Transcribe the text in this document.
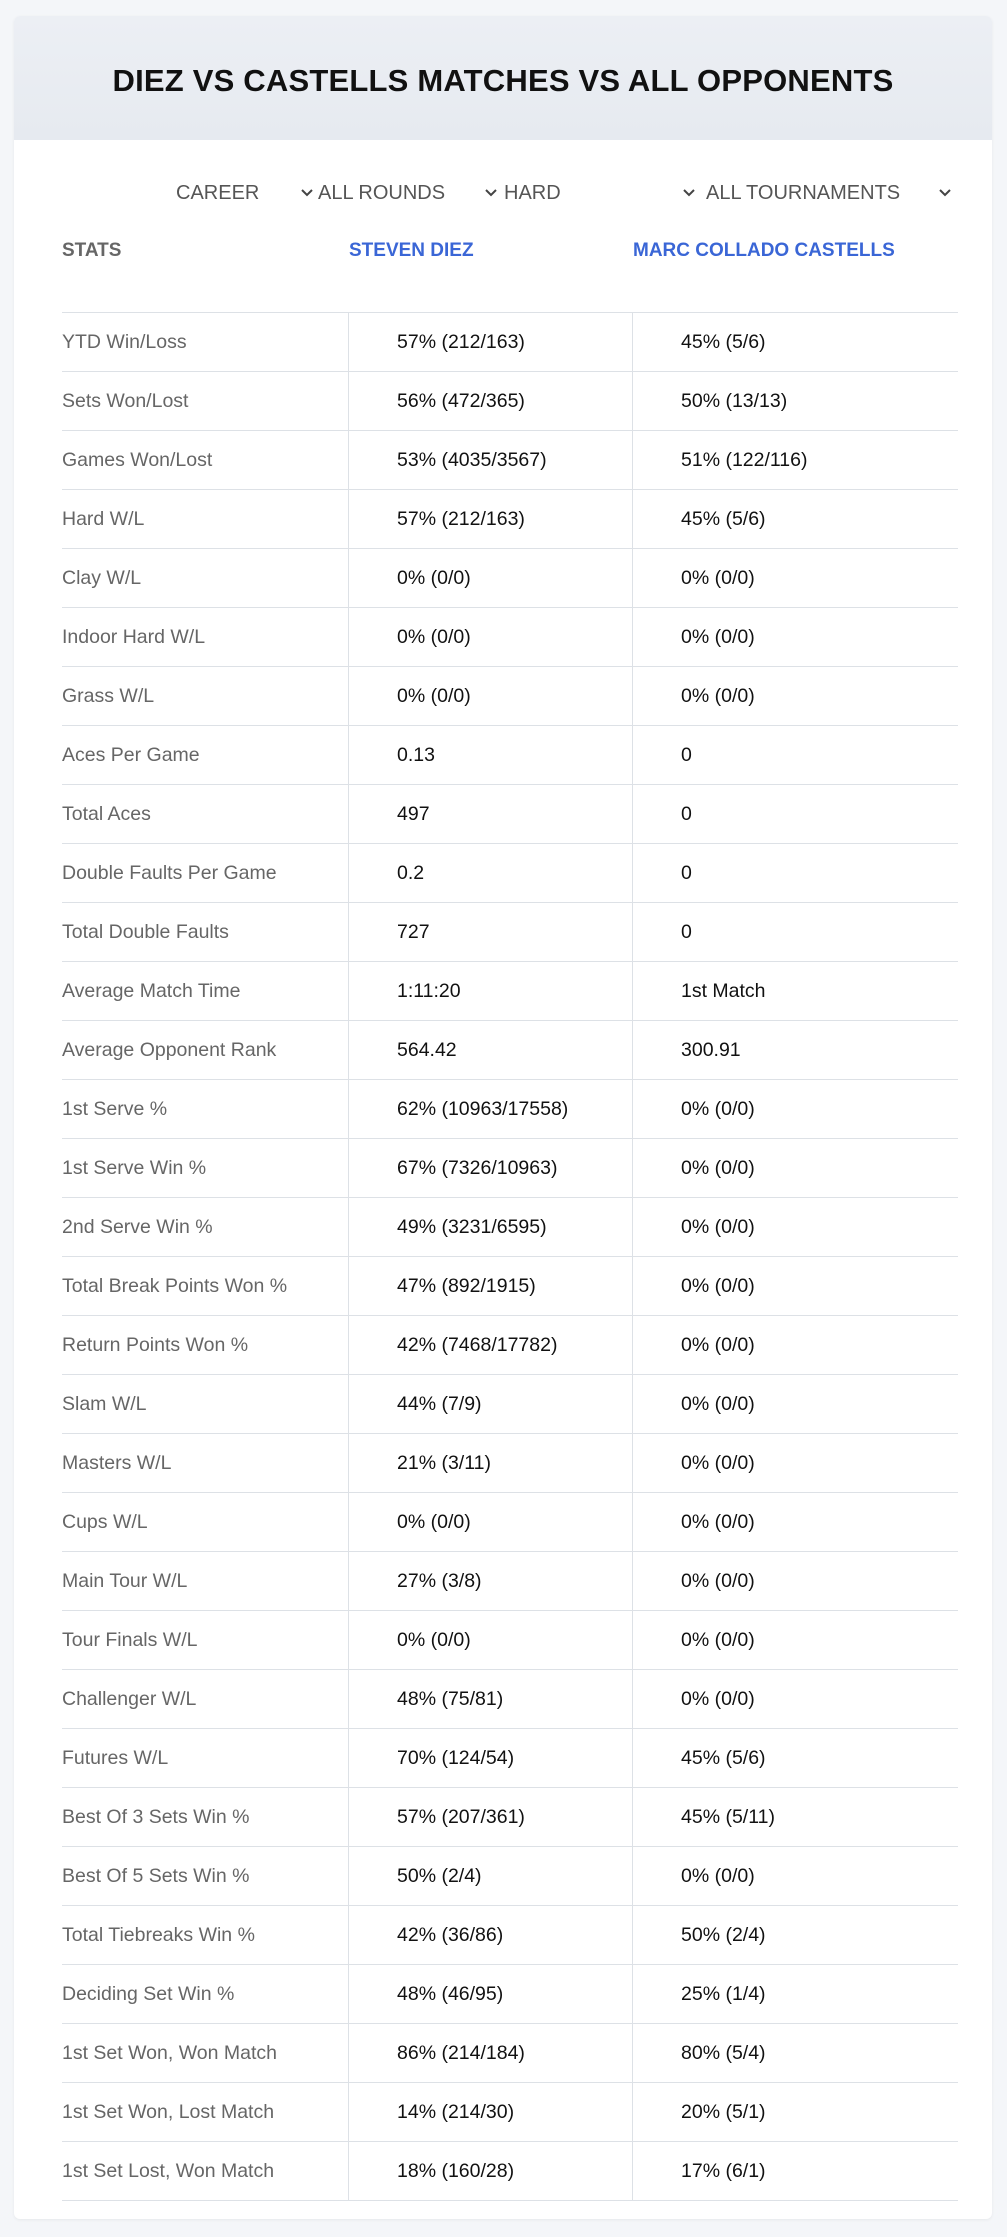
DIEZ VS CASTELLS MATCHES VS ALL OPPONENTS
CAREER	ALL ROUNDS	HARD	ALL TOURNAMENTS
STATS	STEVEN DIEZ	MARC COLLADO CASTELLS
YTD Win/Loss	57% (212/163)	45% (5/6)
Sets Won/Lost	56% (472/365)	50% (13/13)
Games Won/Lost	53% (4035/3567)	51% (122/116)
Hard W/L	57% (212/163)	45% (5/6)
Clay W/L	0% (0/0)	0% (0/0)
Indoor Hard W/L	0% (0/0)	0% (0/0)
Grass W/L	0% (0/0)	0% (0/0)
Aces Per Game	0.13	0
Total Aces	497	0
Double Faults Per Game	0.2	0
Total Double Faults	727	0
Average Match Time	1:11:20	1st Match
Average Opponent Rank	564.42	300.91
1st Serve %	62% (10963/17558)	0% (0/0)
1st Serve Win %	67% (7326/10963)	0% (0/0)
2nd Serve Win %	49% (3231/6595)	0% (0/0)
Total Break Points Won %	47% (892/1915)	0% (0/0)
Return Points Won %	42% (7468/17782)	0% (0/0)
Slam W/L	44% (7/9)	0% (0/0)
Masters W/L	21% (3/11)	0% (0/0)
Cups W/L	0% (0/0)	0% (0/0)
Main Tour W/L	27% (3/8)	0% (0/0)
Tour Finals W/L	0% (0/0)	0% (0/0)
Challenger W/L	48% (75/81)	0% (0/0)
Futures W/L	70% (124/54)	45% (5/6)
Best Of 3 Sets Win %	57% (207/361)	45% (5/11)
Best Of 5 Sets Win %	50% (2/4)	0% (0/0)
Total Tiebreaks Win %	42% (36/86)	50% (2/4)
Deciding Set Win %	48% (46/95)	25% (1/4)
1st Set Won, Won Match	86% (214/184)	80% (5/4)
1st Set Won, Lost Match	14% (214/30)	20% (5/1)
1st Set Lost, Won Match	18% (160/28)	17% (6/1)
